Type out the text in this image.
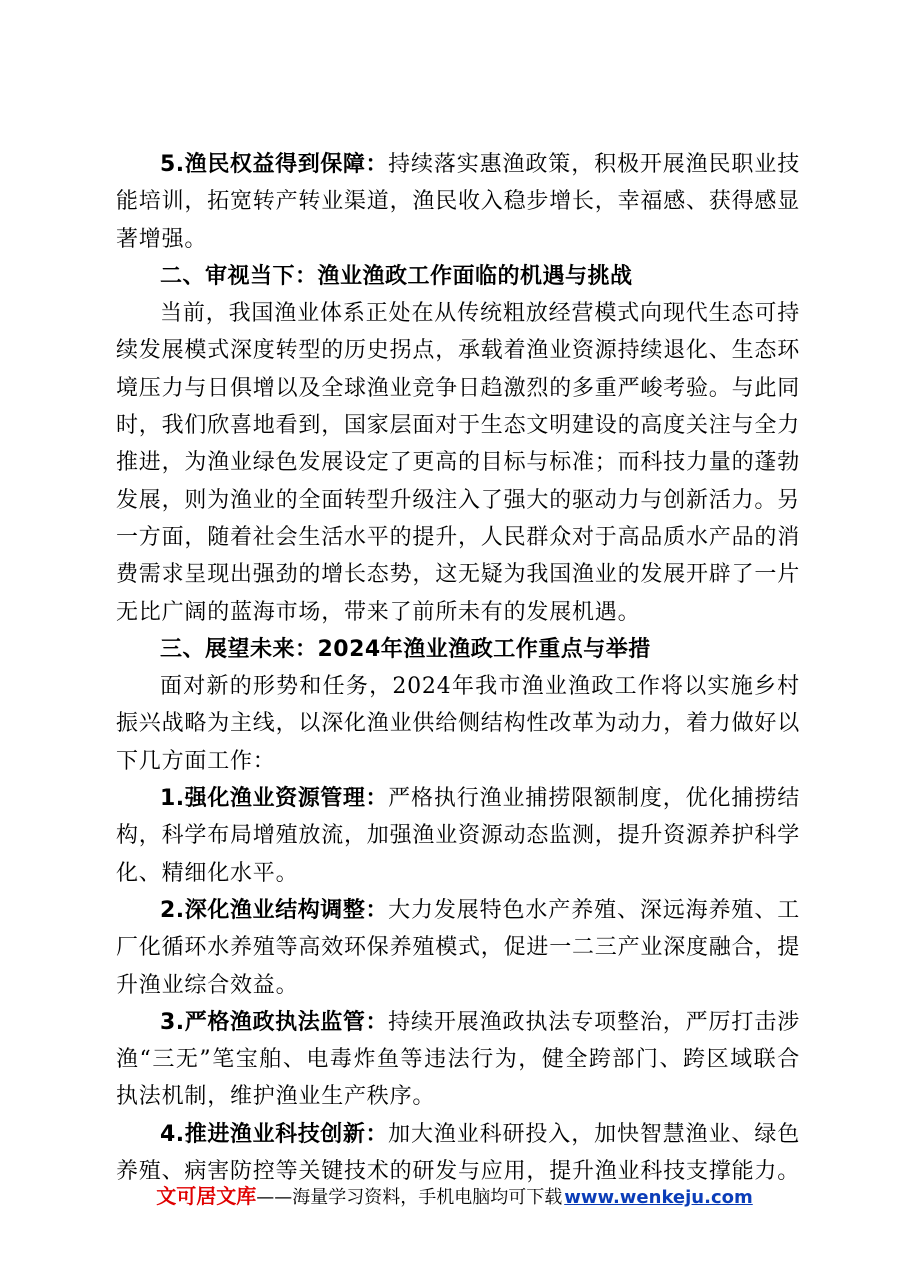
5.渔民权益得到保障：持续落实惠渔政策，积极开展渔民职业技能培训，拓宽转产转业渠道，渔民收入稳步增长，幸福感、获得感显著增强。

二、审视当下：渔业渔政工作面临的机遇与挑战

当前，我国渔业体系正处在从传统粗放经营模式向现代生态可持续发展模式深度转型的历史拐点，承载着渔业资源持续退化、生态环境压力与日俱增以及全球渔业竞争日趋激烈的多重严峻考验。与此同时，我们欣喜地看到，国家层面对于生态文明建设的高度关注与全力推进，为渔业绿色发展设定了更高的目标与标准；而科技力量的蓬勃发展，则为渔业的全面转型升级注入了强大的驱动力与创新活力。另一方面，随着社会生活水平的提升，人民群众对于高品质水产品的消费需求呈现出强劲的增长态势，这无疑为我国渔业的发展开辟了一片无比广阔的蓝海市场，带来了前所未有的发展机遇。

三、展望未来：2024年渔业渔政工作重点与举措

面对新的形势和任务，2024年我市渔业渔政工作将以实施乡村振兴战略为主线，以深化渔业供给侧结构性改革为动力，着力做好以下几方面工作：

1.强化渔业资源管理：严格执行渔业捕捞限额制度，优化捕捞结构，科学布局增殖放流，加强渔业资源动态监测，提升资源养护科学化、精细化水平。

2.深化渔业结构调整：大力发展特色水产养殖、深远海养殖、工厂化循环水养殖等高效环保养殖模式，促进一二三产业深度融合，提升渔业综合效益。

3.严格渔政执法监管：持续开展渔政执法专项整治，严厉打击涉渔“三无”笔宝舶、电毒炸鱼等违法行为，健全跨部门、跨区域联合执法机制，维护渔业生产秩序。

4.推进渔业科技创新：加大渔业科研投入，加快智慧渔业、绿色养殖、病害防控等关键技术的研发与应用，提升渔业科技支撑能力。

文可居文库——海量学习资料，手机电脑均可下载 www.wenkeju.com
